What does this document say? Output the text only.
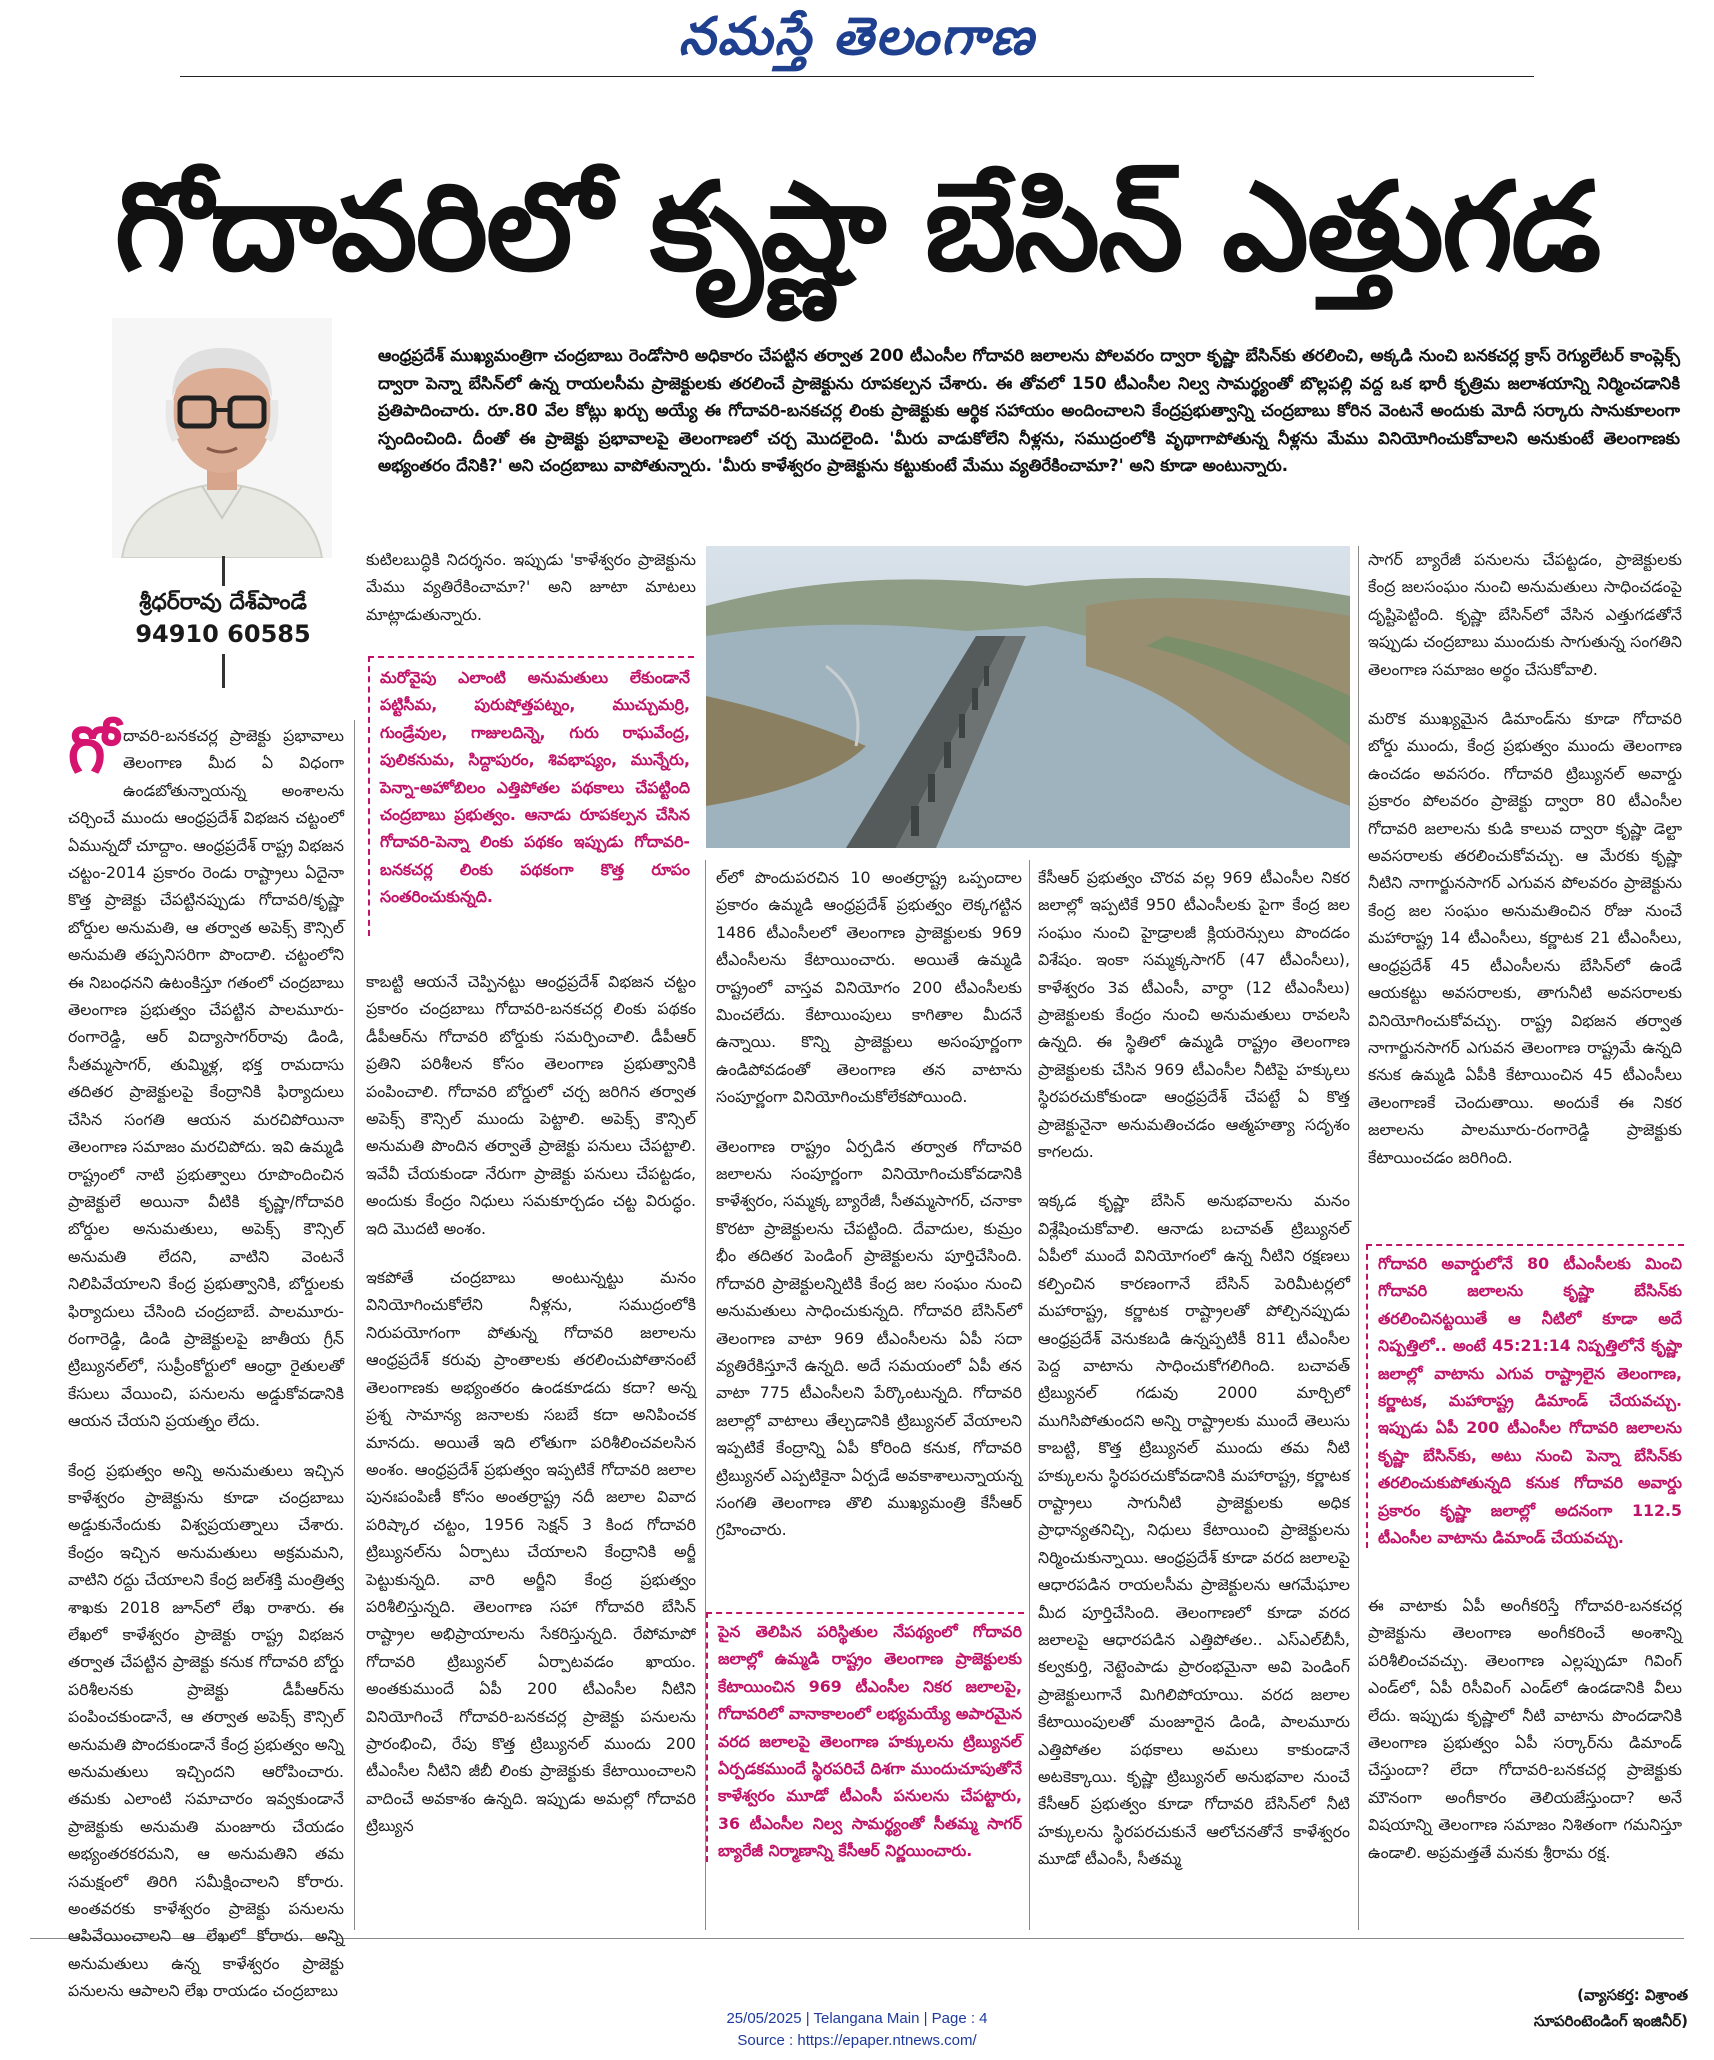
నమస్తే తెలంగాణ
గోదావరిలో కృష్ణా బేసిన్ ఎత్తుగడ
శ్రీధర్‌రావు దేశ్‌పాండే
94910 60585
ఆంధ్రప్రదేశ్ ముఖ్యమంత్రిగా చంద్రబాబు రెండోసారి అధికారం చేపట్టిన తర్వాత 200 టీఎంసీల గోదావరి జలాలను పోలవరం ద్వారా కృష్ణా బేసిన్‌కు తరలించి, అక్కడి నుంచి బనకచర్ల క్రాస్ రెగ్యులేటర్ కాంప్లెక్స్ ద్వారా పెన్నా బేసిన్‌లో ఉన్న రాయలసీమ ప్రాజెక్టులకు తరలించే ప్రాజెక్టును రూపకల్పన చేశారు. ఈ తోవలో 150 టీఎంసీల నిల్వ సామర్థ్యంతో బొల్లపల్లి వద్ద ఒక భారీ కృత్రిమ జలాశయాన్ని నిర్మించడానికి ప్రతిపాదించారు. రూ.80 వేల కోట్లు ఖర్చు అయ్యే ఈ గోదావరి-బనకచర్ల లింకు ప్రాజెక్టుకు ఆర్థిక సహాయం అందించాలని కేంద్రప్రభుత్వాన్ని చంద్రబాబు కోరిన వెంటనే అందుకు మోదీ సర్కారు సానుకూలంగా స్పందించింది. దీంతో ఈ ప్రాజెక్టు ప్రభావాలపై తెలంగాణలో చర్చ మొదలైంది. 'మీరు వాడుకోలేని నీళ్లను, సముద్రంలోకి వృథాగాపోతున్న నీళ్లను మేము వినియోగించుకోవాలని అనుకుంటే తెలంగాణకు అభ్యంతరం దేనికి?' అని చంద్రబాబు వాపోతున్నారు. 'మీరు కాళేశ్వరం ప్రాజెక్టును కట్టుకుంటే మేము వ్యతిరేకించామా?' అని కూడా అంటున్నారు.

గోదావరి-బనకచర్ల ప్రాజెక్టు ప్రభావాలు తెలంగాణ మీద ఏ విధంగా ఉండబోతున్నాయన్న అంశాలను చర్చించే ముందు ఆంధ్రప్రదేశ్ విభజన చట్టంలో ఏమున్నదో చూద్దాం. ఆంధ్రప్రదేశ్ రాష్ట్ర విభజన చట్టం-2014 ప్రకారం రెండు రాష్ట్రాలు ఏదైనా కొత్త ప్రాజెక్టు చేపట్టినప్పుడు గోదావరి/కృష్ణా బోర్డుల అనుమతి, ఆ తర్వాత అపెక్స్ కౌన్సిల్ అనుమతి తప్పనిసరిగా పొందాలి. చట్టంలోని ఈ నిబంధనని ఉటంకిస్తూ గతంలో చంద్రబాబు తెలంగాణ ప్రభుత్వం చేపట్టిన పాలమూరు-రంగారెడ్డి, ఆర్ విద్యాసాగర్‌రావు డిండి, సీతమ్మసాగర్, తుమ్మిళ్ల, భక్త రామదాసు తదితర ప్రాజెక్టులపై కేంద్రానికి ఫిర్యాదులు చేసిన సంగతి ఆయన మరచిపోయినా తెలంగాణ సమాజం మరచిపోదు. ఇవి ఉమ్మడి రాష్ట్రంలో నాటి ప్రభుత్వాలు రూపొందించిన ప్రాజెక్టులే అయినా వీటికి కృష్ణా/గోదావరి బోర్డుల అనుమతులు, అపెక్స్ కౌన్సిల్ అనుమతి లేదని, వాటిని వెంటనే నిలిపివేయాలని కేంద్ర ప్రభుత్వానికి, బోర్డులకు ఫిర్యాదులు చేసింది చంద్రబాబే. పాలమూరు-రంగారెడ్డి, డిండి ప్రాజెక్టులపై జాతీయ గ్రీన్ ట్రిబ్యునల్‌లో, సుప్రీంకోర్టులో ఆంధ్రా రైతులతో కేసులు వేయించి, పనులను అడ్డుకోవడానికి ఆయన చేయని ప్రయత్నం లేదు.

కేంద్ర ప్రభుత్వం అన్ని అనుమతులు ఇచ్చిన కాళేశ్వరం ప్రాజెక్టును కూడా చంద్రబాబు అడ్డుకునేందుకు విశ్వప్రయత్నాలు చేశారు. కేంద్రం ఇచ్చిన అనుమతులు అక్రమమని, వాటిని రద్దు చేయాలని కేంద్ర జల్‌శక్తి మంత్రిత్వ శాఖకు 2018 జూన్‌లో లేఖ రాశారు. ఈ లేఖలో కాళేశ్వరం ప్రాజెక్టు రాష్ట్ర విభజన తర్వాత చేపట్టిన ప్రాజెక్టు కనుక గోదావరి బోర్డు పరిశీలనకు ప్రాజెక్టు డీపీఆర్‌ను పంపించకుండానే, ఆ తర్వాత అపెక్స్ కౌన్సిల్ అనుమతి పొందకుండానే కేంద్ర ప్రభుత్వం అన్ని అనుమతులు ఇచ్చిందని ఆరోపించారు. తమకు ఎలాంటి సమాచారం ఇవ్వకుండానే ప్రాజెక్టుకు అనుమతి మంజూరు చేయడం అభ్యంతరకరమని, ఆ అనుమతిని తమ సమక్షంలో తిరిగి సమీక్షించాలని కోరారు. అంతవరకు కాళేశ్వరం ప్రాజెక్టు పనులను ఆపివేయించాలని ఆ లేఖలో కోరారు. అన్ని అనుమతులు ఉన్న కాళేశ్వరం ప్రాజెక్టు పనులను ఆపాలని లేఖ రాయడం చంద్రబాబు

కుటిలబుద్ధికి నిదర్శనం. ఇప్పుడు 'కాళేశ్వరం ప్రాజెక్టును మేము వ్యతిరేకించామా?' అని జూటా మాటలు మాట్లాడుతున్నారు.

మరోవైపు ఎలాంటి అనుమతులు లేకుండానే పట్టిసీమ, పురుషోత్తపట్నం, ముచ్చుమర్రి, గుండ్రేవుల, గాజులదిన్నె, గురు రాఘవేంద్ర, పులికనుమ, సిద్దాపురం, శివభాష్యం, మున్నేరు, పెన్నా-అహోబిలం ఎత్తిపోతల పథకాలు చేపట్టింది చంద్రబాబు ప్రభుత్వం. ఆనాడు రూపకల్పన చేసిన గోదావరి-పెన్నా లింకు పథకం ఇప్పుడు గోదావరి- బనకచర్ల లింకు పథకంగా కొత్త రూపం సంతరించుకున్నది.

కాబట్టి ఆయనే చెప్పినట్టు ఆంధ్రప్రదేశ్ విభజన చట్టం ప్రకారం చంద్రబాబు గోదావరి-బనకచర్ల లింకు పథకం డీపీఆర్‌ను గోదావరి బోర్డుకు సమర్పించాలి. డీపీఆర్ ప్రతిని పరిశీలన కోసం తెలంగాణ ప్రభుత్వానికి పంపించాలి. గోదావరి బోర్డులో చర్చ జరిగిన తర్వాత అపెక్స్ కౌన్సిల్ ముందు పెట్టాలి. అపెక్స్ కౌన్సిల్ అనుమతి పొందిన తర్వాతే ప్రాజెక్టు పనులు చేపట్టాలి. ఇవేవీ చేయకుండా నేరుగా ప్రాజెక్టు పనులు చేపట్టడం, అందుకు కేంద్రం నిధులు సమకూర్చడం చట్ట విరుద్ధం. ఇది మొదటి అంశం.

ఇకపోతే చంద్రబాబు అంటున్నట్టు మనం వినియోగించుకోలేని నీళ్లను, సముద్రంలోకి నిరుపయోగంగా పోతున్న గోదావరి జలాలను ఆంధ్రప్రదేశ్ కరువు ప్రాంతాలకు తరలించుపోతానంటే తెలంగాణకు అభ్యంతరం ఉండకూడదు కదా? అన్న ప్రశ్న సామాన్య జనాలకు సబబే కదా అనిపించక మానదు. అయితే ఇది లోతుగా పరిశీలించవలసిన అంశం. ఆంధ్రప్రదేశ్ ప్రభుత్వం ఇప్పటికే గోదావరి జలాల పునఃపంపిణీ కోసం అంతర్రాష్ట్ర నదీ జలాల వివాద పరిష్కార చట్టం, 1956 సెక్షన్ 3 కింద గోదావరి ట్రిబ్యునల్‌ను ఏర్పాటు చేయాలని కేంద్రానికి అర్జీ పెట్టుకున్నది. వారి అర్జీని కేంద్ర ప్రభుత్వం పరిశీలిస్తున్నది. తెలంగాణ సహా గోదావరి బేసిన్ రాష్ట్రాల అభిప్రాయాలను సేకరిస్తున్నది. రేపోమాపో గోదావరి ట్రిబ్యునల్ ఏర్పాటవడం ఖాయం. అంతకుముందే ఏపీ 200 టీఎంసీల నీటిని వినియోగించే గోదావరి-బనకచర్ల ప్రాజెక్టు పనులను ప్రారంభించి, రేపు కొత్త ట్రిబ్యునల్ ముందు 200 టీఎంసీల నీటిని జీబీ లింకు ప్రాజెక్టుకు కేటాయించాలని వాదించే అవకాశం ఉన్నది. ఇప్పుడు అమల్లో గోదావరి ట్రిబ్యున

ల్‌లో పొందుపరచిన 10 అంతర్రాష్ట్ర ఒప్పందాల ప్రకారం ఉమ్మడి ఆంధ్రప్రదేశ్ ప్రభుత్వం లెక్కగట్టిన 1486 టీఎంసీలలో తెలంగాణ ప్రాజెక్టులకు 969 టీఎంసీలను కేటాయించారు. అయితే ఉమ్మడి రాష్ట్రంలో వాస్తవ వినియోగం 200 టీఎంసీలకు మించలేదు. కేటాయింపులు కాగితాల మీదనే ఉన్నాయి. కొన్ని ప్రాజెక్టులు అసంపూర్ణంగా ఉండిపోవడంతో తెలంగాణ తన వాటాను సంపూర్ణంగా వినియోగించుకోలేకపోయింది.

తెలంగాణ రాష్ట్రం ఏర్పడిన తర్వాత గోదావరి జలాలను సంపూర్ణంగా వినియోగించుకోవడానికి కాళేశ్వరం, సమ్మక్క బ్యారేజీ, సీతమ్మసాగర్, చనాకా కొరటా ప్రాజెక్టులను చేపట్టింది. దేవాదుల, కుమ్రం భీం తదితర పెండింగ్ ప్రాజెక్టులను పూర్తిచేసింది. గోదావరి ప్రాజెక్టులన్నిటికి కేంద్ర జల సంఘం నుంచి అనుమతులు సాధించుకున్నది. గోదావరి బేసిన్‌లో తెలంగాణ వాటా 969 టీఎంసీలను ఏపీ సదా వ్యతిరేకిస్తూనే ఉన్నది. అదే సమయంలో ఏపీ తన వాటా 775 టీఎంసీలని పేర్కొంటున్నది. గోదావరి జలాల్లో వాటాలు తేల్చడానికి ట్రిబ్యునల్ వేయాలని ఇప్పటికే కేంద్రాన్ని ఏపీ కోరింది కనుక, గోదావరి ట్రిబ్యునల్ ఎప్పటికైనా ఏర్పడే అవకాశాలున్నాయన్న సంగతి తెలంగాణ తొలి ముఖ్యమంత్రి కేసీఆర్ గ్రహించారు.

పైన తెలిపిన పరిస్థితుల నేపథ్యంలో గోదావరి జలాల్లో ఉమ్మడి రాష్ట్రం తెలంగాణ ప్రాజెక్టులకు కేటాయించిన 969 టీఎంసీల నికర జలాలపై, గోదావరిలో వానాకాలంలో లభ్యమయ్యే అపారమైన వరద జలాలపై తెలంగాణ హక్కులను ట్రిబ్యునల్ ఏర్పడకముందే స్థిరపరిచే దిశగా ముందుచూపుతోనే కాళేశ్వరం మూడో టీఎంసీ పనులను చేపట్టారు, 36 టీఎంసీల నిల్వ సామర్థ్యంతో సీతమ్మ సాగర్ బ్యారేజీ నిర్మాణాన్ని కేసీఆర్ నిర్ణయించారు.

కేసీఆర్ ప్రభుత్వం చొరవ వల్ల 969 టీఎంసీల నికర జలాల్లో ఇప్పటికే 950 టీఎంసీలకు పైగా కేంద్ర జల సంఘం నుంచి హైడ్రాలజీ క్లియరెన్సులు పొందడం విశేషం. ఇంకా సమ్మక్కసాగర్ (47 టీఎంసీలు), కాళేశ్వరం 3వ టీఎంసీ, వార్ధా (12 టీఎంసీలు) ప్రాజెక్టులకు కేంద్రం నుంచి అనుమతులు రావలసి ఉన్నది. ఈ స్థితిలో ఉమ్మడి రాష్ట్రం తెలంగాణ ప్రాజెక్టులకు చేసిన 969 టీఎంసీల నీటిపై హక్కులు స్థిరపరచుకోకుండా ఆంధ్రప్రదేశ్ చేపట్టే ఏ కొత్త ప్రాజెక్టునైనా అనుమతించడం ఆత్మహత్యా సదృశం కాగలదు.

ఇక్కడ కృష్ణా బేసిన్ అనుభవాలను మనం విశ్లేషించుకోవాలి. ఆనాడు బచావత్ ట్రిబ్యునల్ ఏపీలో ముందే వినియోగంలో ఉన్న నీటిని రక్షణలు కల్పించిన కారణంగానే బేసిన్ పెరిమీటర్లలో మహారాష్ట్ర, కర్ణాటక రాష్ట్రాలతో పోల్చినప్పుడు ఆంధ్రప్రదేశ్ వెనుకబడి ఉన్నప్పటికీ 811 టీఎంసీల పెద్ద వాటాను సాధించుకోగలిగింది. బచావత్ ట్రిబ్యునల్ గడువు 2000 మార్చిలో ముగిసిపోతుందని అన్ని రాష్ట్రాలకు ముందే తెలుసు కాబట్టి, కొత్త ట్రిబ్యునల్ ముందు తమ నీటి హక్కులను స్థిరపరచుకోవడానికి మహారాష్ట్ర, కర్ణాటక రాష్ట్రాలు సాగునీటి ప్రాజెక్టులకు అధిక ప్రాధాన్యతనిచ్చి, నిధులు కేటాయించి ప్రాజెక్టులను నిర్మించుకున్నాయి. ఆంధ్రప్రదేశ్ కూడా వరద జలాలపై ఆధారపడిన రాయలసీమ ప్రాజెక్టులను ఆగమేఘాల మీద పూర్తిచేసింది. తెలంగాణలో కూడా వరద జలాలపై ఆధారపడిన ఎత్తిపోతల.. ఎస్ఎల్‌బీసీ, కల్వకుర్తి, నెట్టెంపాడు ప్రారంభమైనా అవి పెండింగ్ ప్రాజెక్టులుగానే మిగిలిపోయాయి. వరద జలాల కేటాయింపులతో మంజూరైన డిండి, పాలమూరు ఎత్తిపోతల పథకాలు అమలు కాకుండానే అటకెక్కాయి. కృష్ణా ట్రిబ్యునల్ అనుభవాల నుంచే కేసీఆర్ ప్రభుత్వం కూడా గోదావరి బేసిన్‌లో నీటి హక్కులను స్థిరపరచుకునే ఆలోచనతోనే కాళేశ్వరం మూడో టీఎంసీ, సీతమ్మ

సాగర్ బ్యారేజీ పనులను చేపట్టడం, ప్రాజెక్టులకు కేంద్ర జలసంఘం నుంచి అనుమతులు సాధించడంపై దృష్టిపెట్టింది. కృష్ణా బేసిన్‌లో వేసిన ఎత్తుగడతోనే ఇప్పుడు చంద్రబాబు ముందుకు సాగుతున్న సంగతిని తెలంగాణ సమాజం అర్థం చేసుకోవాలి.

మరొక ముఖ్యమైన డిమాండ్‌ను కూడా గోదావరి బోర్డు ముందు, కేంద్ర ప్రభుత్వం ముందు తెలంగాణ ఉంచడం అవసరం. గోదావరి ట్రిబ్యునల్ అవార్డు ప్రకారం పోలవరం ప్రాజెక్టు ద్వారా 80 టీఎంసీల గోదావరి జలాలను కుడి కాలువ ద్వారా కృష్ణా డెల్టా అవసరాలకు తరలించుకోవచ్చు. ఆ మేరకు కృష్ణా నీటిని నాగార్జునసాగర్ ఎగువన పోలవరం ప్రాజెక్టును కేంద్ర జల సంఘం అనుమతించిన రోజు నుంచే మహారాష్ట్ర 14 టీఎంసీలు, కర్ణాటక 21 టీఎంసీలు, ఆంధ్రప్రదేశ్ 45 టీఎంసీలను బేసిన్‌లో ఉండే ఆయకట్టు అవసరాలకు, తాగునీటి అవసరాలకు వినియోగించుకోవచ్చు. రాష్ట్ర విభజన తర్వాత నాగార్జునసాగర్ ఎగువన తెలంగాణ రాష్ట్రమే ఉన్నది కనుక ఉమ్మడి ఏపీకి కేటాయించిన 45 టీఎంసీలు తెలంగాణకే చెందుతాయి. అందుకే ఈ నికర జలాలను పాలమూరు-రంగారెడ్డి ప్రాజెక్టుకు కేటాయించడం జరిగింది.

గోదావరి అవార్డులోనే 80 టీఎంసీలకు మించి గోదావరి జలాలను కృష్ణా బేసిన్‌కు తరలించినట్టయితే ఆ నీటిలో కూడా అదే నిష్పత్తిలో.. అంటే 45:21:14 నిష్పత్తిలోనే కృష్ణా జలాల్లో వాటాను ఎగువ రాష్ట్రాలైన తెలంగాణ, కర్ణాటక, మహారాష్ట్ర డిమాండ్ చేయవచ్చు. ఇప్పుడు ఏపీ 200 టీఎంసీల గోదావరి జలాలను కృష్ణా బేసిన్‌కు, అటు నుంచి పెన్నా బేసిన్‌కు తరలించుకుపోతున్నది కనుక గోదావరి అవార్డు ప్రకారం కృష్ణా జలాల్లో అదనంగా 112.5 టీఎంసీల వాటాను డిమాండ్ చేయవచ్చు.

ఈ వాటాకు ఏపీ అంగీకరిస్తే గోదావరి-బనకచర్ల ప్రాజెక్టును తెలంగాణ అంగీకరించే అంశాన్ని పరిశీలించవచ్చు. తెలంగాణ ఎల్లప్పుడూ గివింగ్ ఎండ్‌లో, ఏపీ రిసీవింగ్ ఎండ్‌లో ఉండడానికి వీలు లేదు. ఇప్పుడు కృష్ణాలో నీటి వాటాను పొందడానికి తెలంగాణ ప్రభుత్వం ఏపీ సర్కార్‌ను డిమాండ్ చేస్తుందా? లేదా గోదావరి-బనకచర్ల ప్రాజెక్టుకు మౌనంగా అంగీకారం తెలియజేస్తుందా? అనే విషయాన్ని తెలంగాణ సమాజం నిశితంగా గమనిస్తూ ఉండాలి. అప్రమత్తతే మనకు శ్రీరామ రక్ష.

(వ్యాసకర్త: విశ్రాంత
సూపరింటెండింగ్ ఇంజినీర్)
25/05/2025 | Telangana Main | Page : 4
Source : https://epaper.ntnews.com/
